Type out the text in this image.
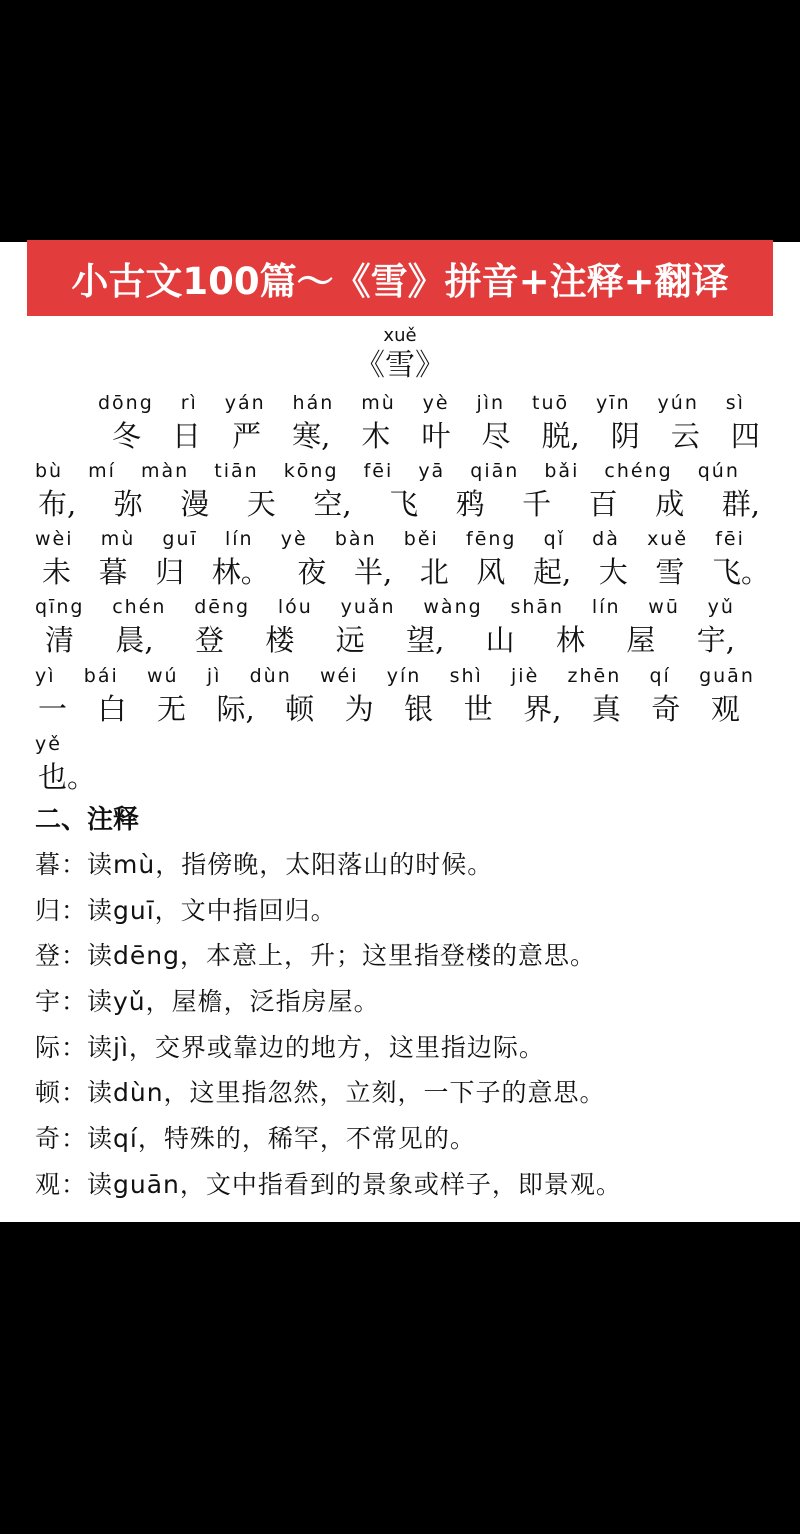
小古文100篇～《雪》拼音+注释+翻译
xuě
《雪》
dōng rì yán hán mù yè jìn tuō yīn yún sì
冬 日 严 寒, 木 叶 尽 脱, 阴 云 四
bù mí màn tiān kōng fēi yā qiān bǎi chéng qún
布, 弥 漫 天 空, 飞 鸦 千 百 成 群,
wèi mù guī lín yè bàn běi fēng qǐ dà xuě fēi
未 暮 归 林。 夜 半, 北 风 起, 大 雪 飞。
qīng chén dēng lóu yuǎn wàng shān lín wū yǔ
清 晨, 登 楼 远 望, 山 林 屋 宇,
yì bái wú jì dùn wéi yín shì jiè zhēn qí guān
一 白 无 际, 顿 为 银 世 界, 真 奇 观
yě
也。
二、注释
暮：读mù，指傍晚，太阳落山的时候。
归：读guī，文中指回归。
登：读dēng，本意上，升；这里指登楼的意思。
宇：读yǔ，屋檐，泛指房屋。
际：读jì，交界或靠边的地方，这里指边际。
顿：读dùn，这里指忽然，立刻，一下子的意思。
奇：读qí，特殊的，稀罕，不常见的。
观：读guān，文中指看到的景象或样子，即景观。
